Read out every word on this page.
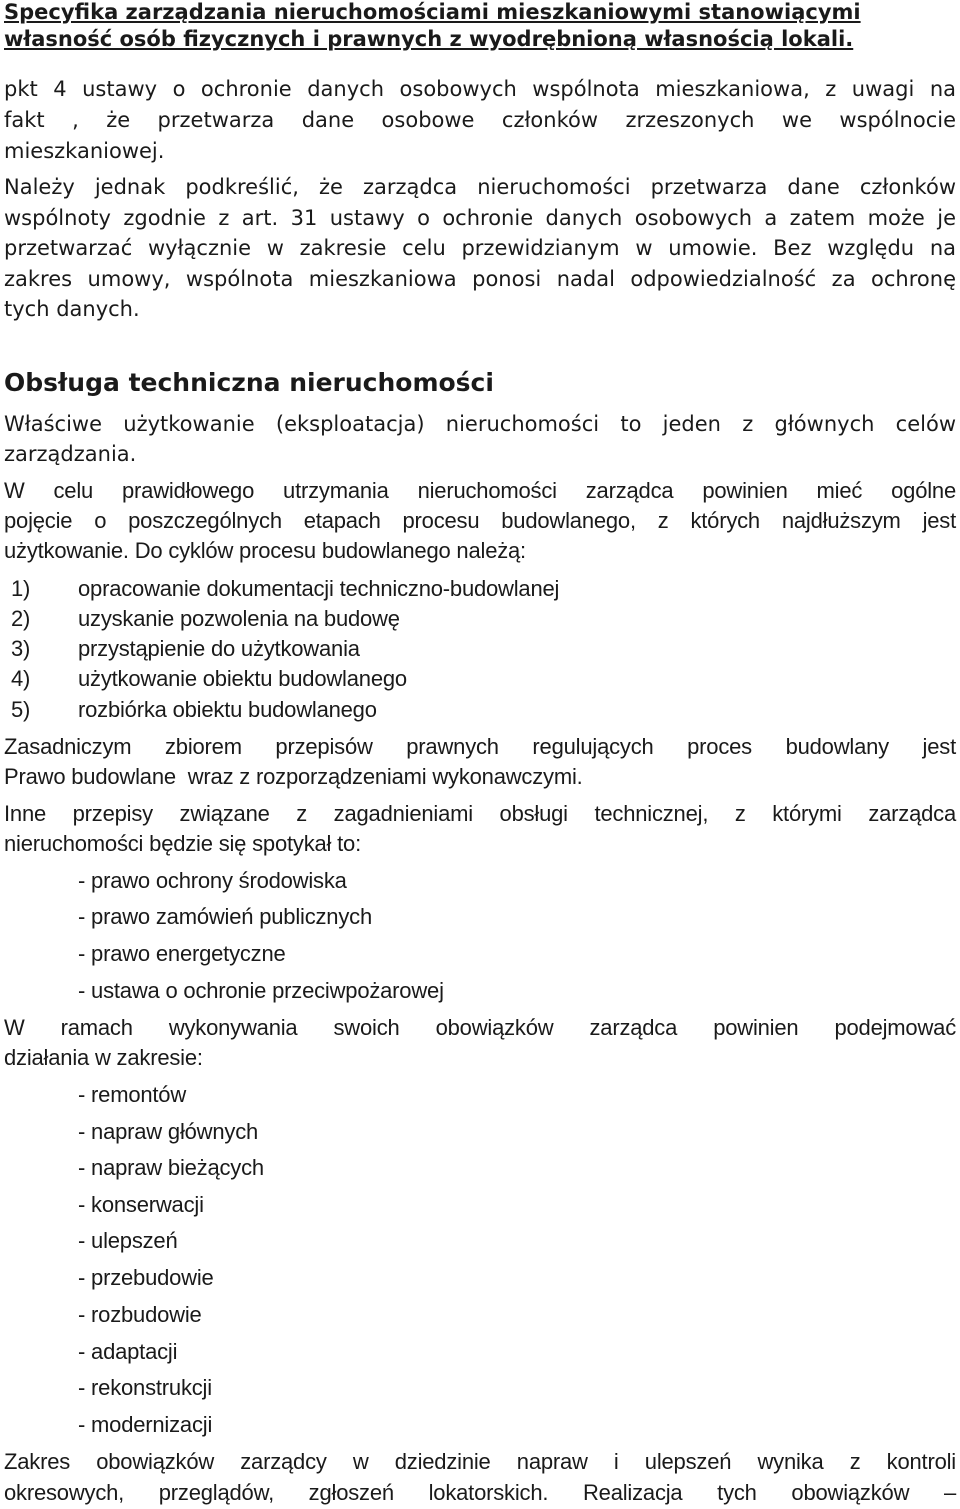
Specyfika zarządzania nieruchomościami mieszkaniowymi stanowiącymi
własność osób fizycznych i prawnych z wyodrębnioną własnością lokali.
pkt 4 ustawy o ochronie danych osobowych wspólnota mieszkaniowa, z uwagi na
fakt , że przetwarza dane osobowe członków zrzeszonych we wspólnocie
mieszkaniowej.
Należy jednak podkreślić, że zarządca nieruchomości przetwarza dane członków
wspólnoty zgodnie z art. 31 ustawy o ochronie danych osobowych a zatem może je
przetwarzać wyłącznie w zakresie celu przewidzianym w umowie. Bez względu na
zakres umowy, wspólnota mieszkaniowa ponosi nadal odpowiedzialność za ochronę
tych danych.
Obsługa techniczna nieruchomości
Właściwe użytkowanie (eksploatacja) nieruchomości to jeden z głównych celów
zarządzania.
W celu prawidłowego utrzymania nieruchomości zarządca powinien mieć ogólne
pojęcie o poszczególnych etapach procesu budowlanego, z których najdłuższym jest
użytkowanie. Do cyklów procesu budowlanego należą:
1) opracowanie dokumentacji techniczno-budowlanej
2) uzyskanie pozwolenia na budowę
3) przystąpienie do użytkowania
4) użytkowanie obiektu budowlanego
5) rozbiórka obiektu budowlanego
Zasadniczym zbiorem przepisów prawnych regulujących proces budowlany jest
Prawo budowlane  wraz z rozporządzeniami wykonawczymi.
Inne przepisy związane z zagadnieniami obsługi technicznej, z którymi zarządca
nieruchomości będzie się spotykał to:
- prawo ochrony środowiska
- prawo zamówień publicznych
- prawo energetyczne
- ustawa o ochronie przeciwpożarowej
W ramach wykonywania swoich obowiązków zarządca powinien podejmować
działania w zakresie:
- remontów
- napraw głównych
- napraw bieżących
- konserwacji
- ulepszeń
- przebudowie
- rozbudowie
- adaptacji
- rekonstrukcji
- modernizacji
Zakres obowiązków zarządcy w dziedzinie napraw i ulepszeń wynika z kontroli
okresowych, przeglądów, zgłoszeń lokatorskich. Realizacja tych obowiązków –
